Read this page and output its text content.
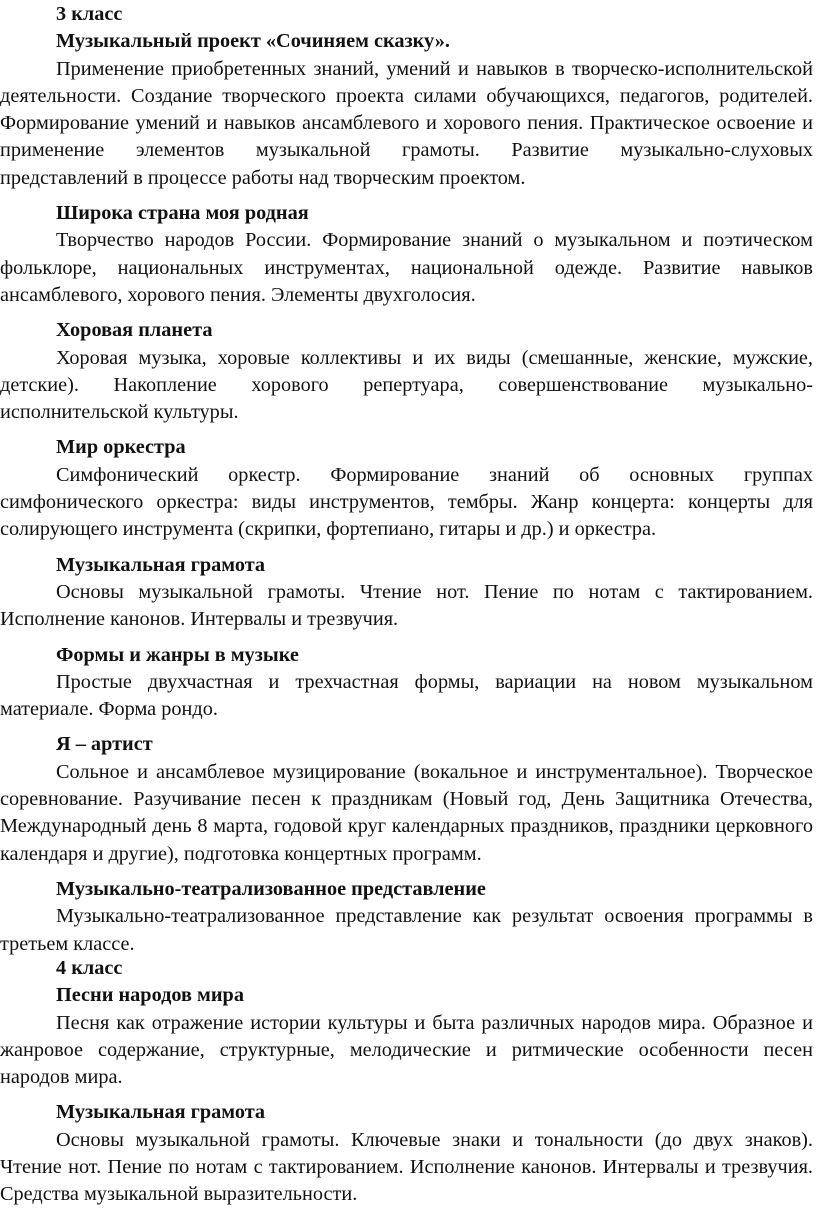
3 класс

Музыкальный проект «Сочиняем сказку».

Применение приобретенных знаний, умений и навыков в творческо-исполнительской деятельности. Создание творческого проекта силами обучающихся, педагогов, родителей. Формирование умений и навыков ансамблевого и хорового пения. Практическое освоение и применение элементов музыкальной грамоты. Развитие музыкально-слуховых представлений в процессе работы над творческим проектом.

Широка страна моя родная

Творчество народов России. Формирование знаний о музыкальном и поэтическом фольклоре, национальных инструментах, национальной одежде. Развитие навыков ансамблевого, хорового пения. Элементы двухголосия.

Хоровая планета

Хоровая музыка, хоровые коллективы и их виды (смешанные, женские, мужские, детские). Накопление хорового репертуара, совершенствование музыкально-исполнительской культуры.

Мир оркестра

Симфонический оркестр. Формирование знаний об основных группах симфонического оркестра: виды инструментов, тембры. Жанр концерта: концерты для солирующего инструмента (скрипки, фортепиано, гитары и др.) и оркестра.

Музыкальная грамота

Основы музыкальной грамоты. Чтение нот. Пение по нотам с тактированием. Исполнение канонов. Интервалы и трезвучия.

Формы и жанры в музыке

Простые двухчастная и трехчастная формы, вариации на новом музыкальном материале. Форма рондо.

Я – артист

Сольное и ансамблевое музицирование (вокальное и инструментальное). Творческое соревнование. Разучивание песен к праздникам (Новый год, День Защитника Отечества, Международный день 8 марта, годовой круг календарных праздников, праздники церковного календаря и другие), подготовка концертных программ.

Музыкально-театрализованное представление

Музыкально-театрализованное представление как результат освоения программы в третьем классе.

4 класс

Песни народов мира

Песня как отражение истории культуры и быта различных народов мира. Образное и жанровое содержание, структурные, мелодические и ритмические особенности песен народов мира.

Музыкальная грамота

Основы музыкальной грамоты. Ключевые знаки и тональности (до двух знаков). Чтение нот. Пение по нотам с тактированием. Исполнение канонов. Интервалы и трезвучия. Средства музыкальной выразительности.
